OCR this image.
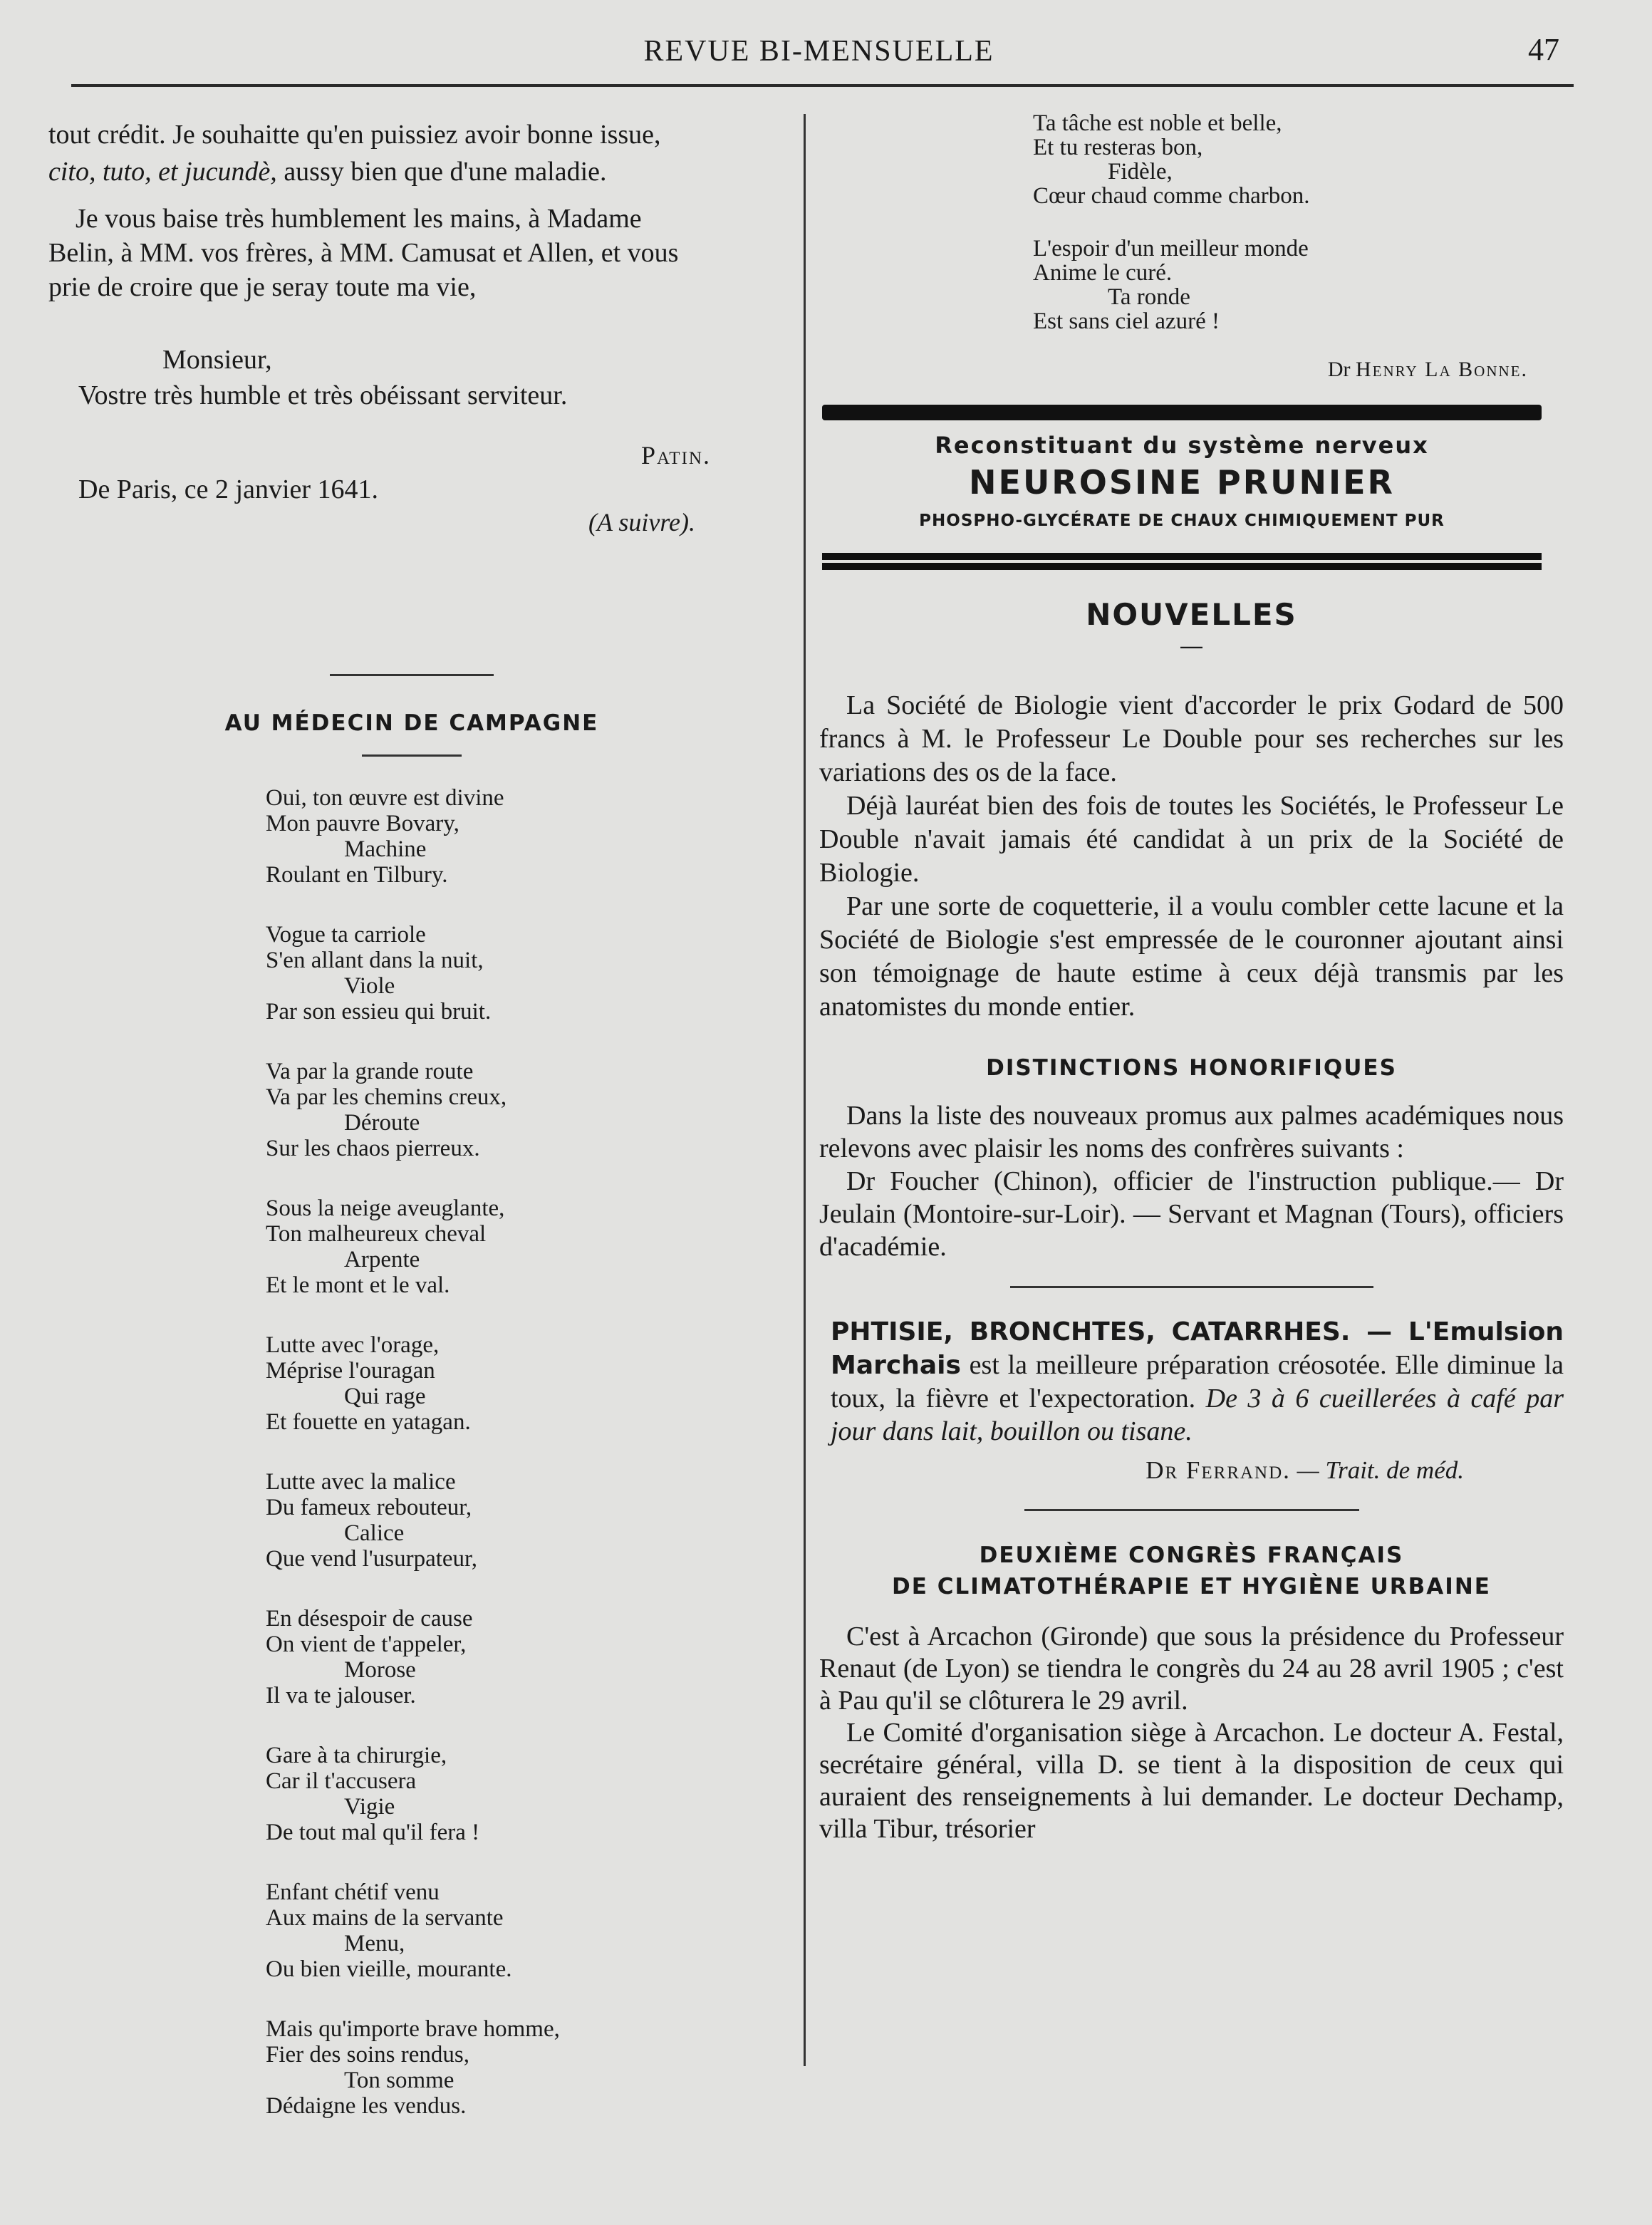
REVUE BI-MENSUELLE	47
tout crédit. Je souhaitte qu'en puissiez avoir bonne issue,
cito, tuto, et jucundè, aussy bien que d'une maladie.
Je vous baise très humblement les mains, à Madame
Belin, à MM. vos frères, à MM. Camusat et Allen, et vous
prie de croire que je seray toute ma vie,
Monsieur,
Vostre très humble et très obéissant serviteur.
Patin.
De Paris, ce 2 janvier 1641.
(A suivre).
AU MÉDECIN DE CAMPAGNE
Oui, ton œuvre est divine
Mon pauvre Bovary,
Machine
Roulant en Tilbury.
Vogue ta carriole
S'en allant dans la nuit,
Viole
Par son essieu qui bruit.
Va par la grande route
Va par les chemins creux,
Déroute
Sur les chaos pierreux.
Sous la neige aveuglante,
Ton malheureux cheval
Arpente
Et le mont et le val.
Lutte avec l'orage,
Méprise l'ouragan
Qui rage
Et fouette en yatagan.
Lutte avec la malice
Du fameux rebouteur,
Calice
Que vend l'usurpateur,
En désespoir de cause
On vient de t'appeler,
Morose
Il va te jalouser.
Gare à ta chirurgie,
Car il t'accusera
Vigie
De tout mal qu'il fera !
Enfant chétif venu
Aux mains de la servante
Menu,
Ou bien vieille, mourante.
Mais qu'importe brave homme,
Fier des soins rendus,
Ton somme
Dédaigne les vendus.
Ta tâche est noble et belle,
Et tu resteras bon,
Fidèle,
Cœur chaud comme charbon.
L'espoir d'un meilleur monde
Anime le curé.
Ta ronde
Est sans ciel azuré !
Dr Henry La Bonne.
Reconstituant du système nerveux
NEUROSINE PRUNIER
PHOSPHO-GLYCÉRATE DE CHAUX CHIMIQUEMENT PUR
NOUVELLES
—

La Société de Biologie vient d'accorder le prix Godard de 500 francs à M. le Professeur Le Double pour ses recherches sur les variations des os de la face.

Déjà lauréat bien des fois de toutes les Sociétés, le Professeur Le Double n'avait jamais été candidat à un prix de la Société de Biologie.

Par une sorte de coquetterie, il a voulu combler cette lacune et la Société de Biologie s'est empressée de le couronner ajoutant ainsi son témoignage de haute estime à ceux déjà transmis par les anatomistes du monde entier.

DISTINCTIONS HONORIFIQUES

Dans la liste des nouveaux promus aux palmes académiques nous relevons avec plaisir les noms des confrères suivants :

Dr Foucher (Chinon), officier de l'instruction publique.— Dr Jeulain (Montoire-sur-Loir). — Servant et Magnan (Tours), officiers d'académie.

PHTISIE, BRONCHTES, CATARRHES. — L'Emulsion Marchais est la meilleure préparation créosotée. Elle diminue la toux, la fièvre et l'expectoration. De 3 à 6 cueillerées à café par jour dans lait, bouillon ou tisane.

Dr Ferrand. — Trait. de méd.
DEUXIÈME CONGRÈS FRANÇAIS
DE CLIMATOTHÉRAPIE ET HYGIÈNE URBAINE

C'est à Arcachon (Gironde) que sous la présidence du Professeur Renaut (de Lyon) se tiendra le congrès du 24 au 28 avril 1905 ; c'est à Pau qu'il se clôturera le 29 avril.

Le Comité d'organisation siège à Arcachon. Le docteur A. Festal, secrétaire général, villa D. se tient à la disposition de ceux qui auraient des renseignements à lui demander. Le docteur Dechamp, villa Tibur, trésorier
